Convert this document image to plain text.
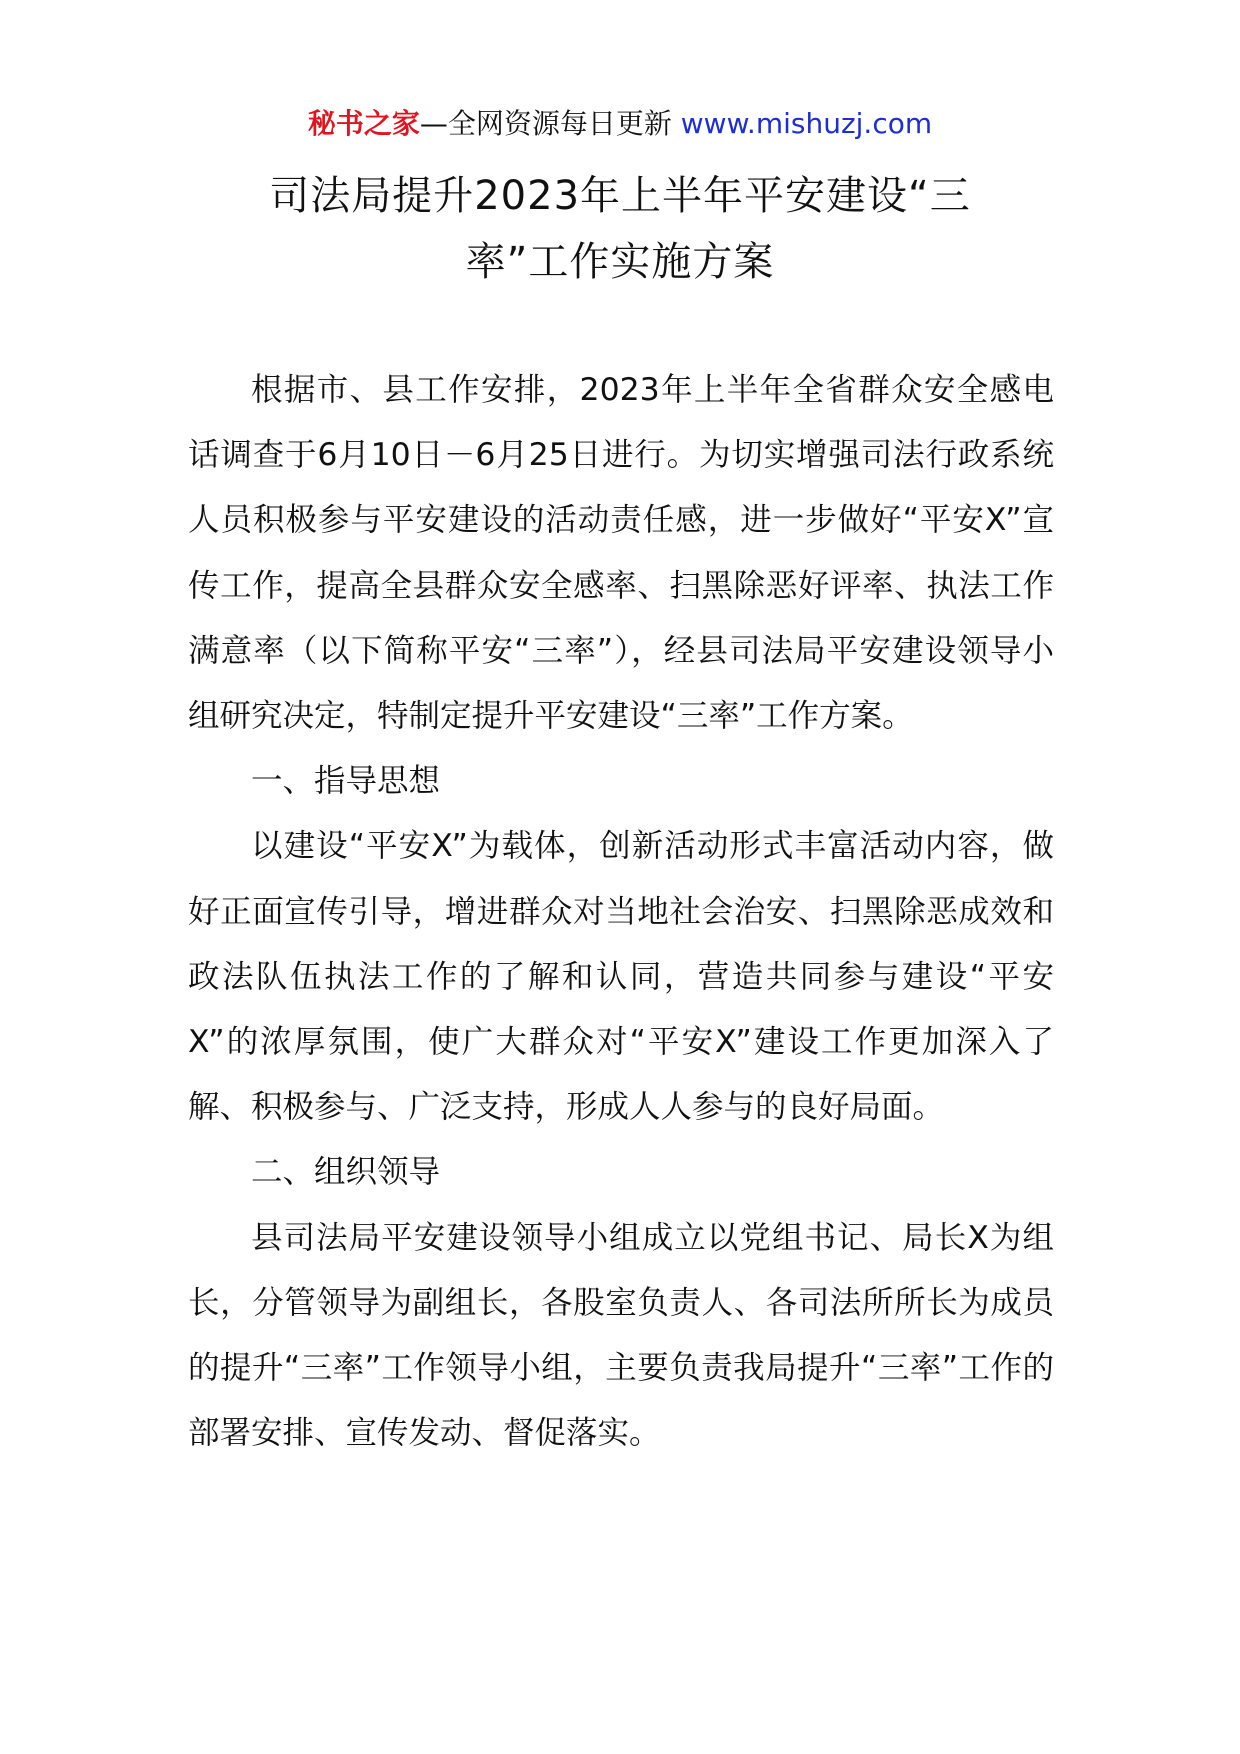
秘书之家—全网资源每日更新 www.mishuzj.com
司法局提升2023年上半年平安建设“三
率”工作实施方案

根据市、县工作安排，2023年上半年全省群众安全感电话调查于6月10日－6月25日进行。为切实增强司法行政系统人员积极参与平安建设的活动责任感，进一步做好“平安X”宣传工作，提高全县群众安全感率、扫黑除恶好评率、执法工作满意率（以下简称平安“三率”），经县司法局平安建设领导小组研究决定，特制定提升平安建设“三率”工作方案。

一、指导思想

以建设“平安X”为载体，创新活动形式丰富活动内容，做好正面宣传引导，增进群众对当地社会治安、扫黑除恶成效和政法队伍执法工作的了解和认同，营造共同参与建设“平安X”的浓厚氛围，使广大群众对“平安X”建设工作更加深入了解、积极参与、广泛支持，形成人人参与的良好局面。

二、组织领导

县司法局平安建设领导小组成立以党组书记、局长X为组长，分管领导为副组长，各股室负责人、各司法所所长为成员的提升“三率”工作领导小组，主要负责我局提升“三率”工作的部署安排、宣传发动、督促落实。
